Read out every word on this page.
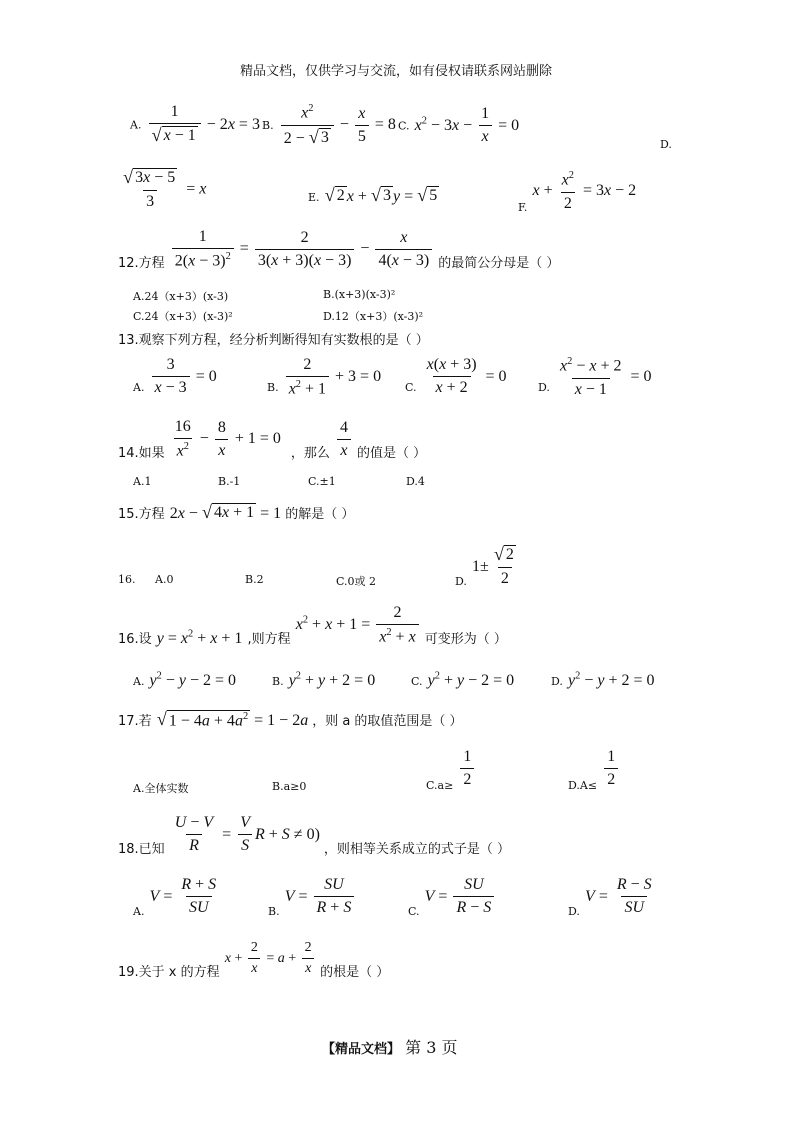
精品文档，仅供学习与交流，如有侵权请联系网站删除
A. $\frac{1}{√ x - 1} - 2x = 3$ B. $\frac{x^2}{2 - √ 3} - \frac{x}{5} = 8$ C. $x^2 - 3x - \frac{1}{x} = 0$
D.
$\frac{√ 3x - 5}{3} = x$	E. √ 2 x + √ 3 y = √ 5
$_{F.}$ $x + \frac{x^2}{2} = 3x - 2$
$_{12.方程} \frac{1}{2(x - 3)^2} = \frac{2}{3(x + 3)(x - 3)} - \frac{x}{4(x - 3)} _{的最简公分母是( )}$
A.24（x+3）(x-3)	B.(x+3)(x-3)²
C.24（x+3）(x-3)²	D.12（x+3）(x-3)²
13.观察下列方程，经分析判断得知有实数根的是（ ）
$_{A.} \frac{3}{x - 3} = 0$
$_{B.} \frac{2}{x^2 + 1} + 3 = 0$
$_{C.} \frac{x(x + 3)}{x + 2} = 0$
$_{D.} \frac{x^2 - x + 2}{x - 1} = 0$
$_{14.如果} \frac{16}{x^2} - \frac{8}{x} + 1 = 0$ $_{,那么} \frac{4}{x} _{的值是( )}$
A.1	B.-1	C.±1	D.4
15.方程 2x − √ 4x + 1 = 1 的解是（ ）
16. A.0	B.2	C.0或 2	$_{D.}$ $1\pm \frac{√ 2}{2}$
$_{16.设}$ $y = x^2 + x + 1$ $_{,则方程}$ $x^2 + x + 1 = \frac{2}{x^2 + x} _{可变形为( )}$
A. $y^2 - y - 2 = 0$	B. $y^2 + y + 2 = 0$	C. $y^2 + y - 2 = 0$	D. $y^2 - y + 2 = 0$
17.若 √ $1 - 4a + 4a^2 = 1 - 2a$ ，则 a 的取值范围是（ ）
A.全体实数	B.a≥0	$_{C.a\ge} \frac{1}{2}$	$_{D.A\le} \frac{1}{2}$
$_{18.已知} \frac{U - V}{R} = \frac{V}{S}$ R + S ≠ 0) $_{,则相等关系成立的式子是( )}$
$_{A.}$ $V = \frac{R + S}{SU}$	$_{B.}$ $V = \frac{SU}{R + S}$	$_{C.}$ $V = \frac{SU}{R - S}$	$_{D.}$ $V = \frac{R - S}{SU}$
$_{19.关于 x 的方程}$ $x + \frac{2}{x} = a + \frac{2}{x} _{的根是( )}$
【精品文档】 第 3 页
